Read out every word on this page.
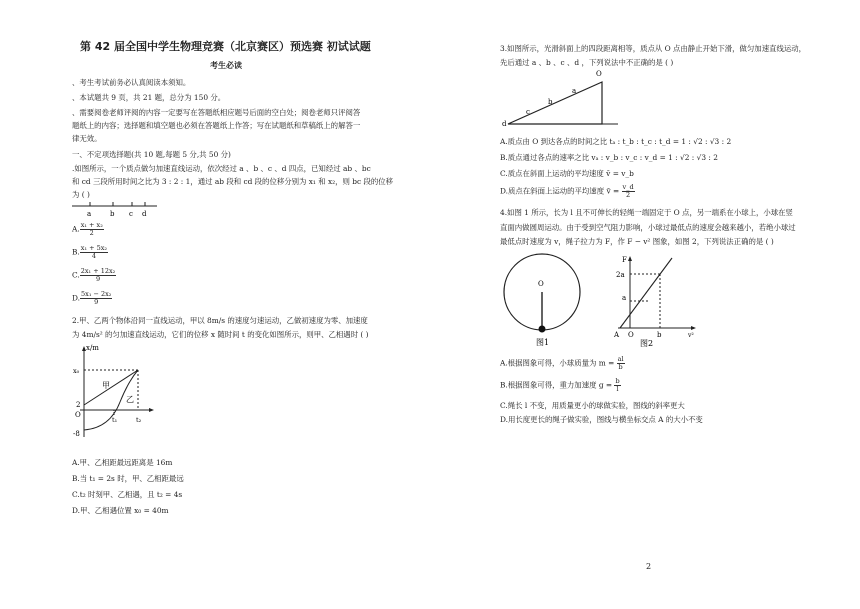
第 42 届全国中学生物理竞赛（北京赛区）预选赛 初试试题
考生必读
、考生考试前务必认真阅读本须知。
、本试题共 9 页，共 21 题，总分为 150 分。
、需要阅卷老师评阅的内容一定要写在答题纸相应题号后面的空白处；阅卷老师只评阅答
题纸上的内容；选择题和填空题也必须在答题纸上作答；写在试题纸和草稿纸上的解答一
律无效。
一、不定项选择题(共 10 题,每题 5 分,共 50 分)
.如图所示，一个质点做匀加速直线运动，依次经过 a 、b 、c 、d 四点，已知经过 ab 、bc
和 cd 三段所用时间之比为 3 : 2 : 1，通过 ab 段和 cd 段的位移分别为 x₁ 和 x₂，则 bc 段的位移
为 ( )
a	b c d
A. $\frac{\text{x₁ + x₂}}{2}$
B. $\frac{\text{x₁ + 5x₂}}{4}$
C. $\frac{\text{2x₁ + 12x₂}}{9}$
D. $\frac{\text{5x₁ − 2x₂}}{9}$
2.甲、乙两个物体沿同一直线运动，甲以 8m/s 的速度匀速运动，乙做初速度为零、加速度
为 4m/s² 的匀加速直线运动，它们的位移 x 随时间 t 的变化如图所示，则甲、乙相遇时 ( )
x/m
x₀
2
O
-8
甲
乙
t₁	t₂
A.甲、乙相距最远距离是 16m
B.当 t₁ = 2s 时，甲、乙相距最远
C.t₂ 时刻甲、乙相遇，且 t₂ = 4s
D.甲、乙相遇位置 x₀ = 40m
3.如图所示，光滑斜面上的四段距离相等，质点从 O 点由静止开始下滑，做匀加速直线运动，
先后通过 a 、b 、c 、d ，下列说法中不正确的是 ( )
O
a
b
c
d
A.质点由 O 到达各点的时间之比 tₐ : t_b : t_c : t_d = 1 : √2 : √3 : 2
B.质点通过各点的速率之比 vₐ : v_b : v_c : v_d = 1 : √2 : √3 : 2
C.质点在斜面上运动的平均速度 v̄ = v_b
D.质点在斜面上运动的平均速度 v̄ = $\frac{v\_d}{2}$
4.如图 1 所示，长为 l 且不可伸长的轻绳一端固定于 O 点，另一端系在小球上，小球在竖
直面内做圆周运动。由于受到空气阻力影响，小球过最低点的速度会越来越小，若绝小球过
最低点时速度为 v，绳子拉力为 F，作 F − v² 图象，如图 2，下列说法正确的是 ( )
O
图1
F
2a
a
A O	b	v²
图2
A.根据图象可得，小球质量为 $m = \frac{al}{b}$
B.根据图象可得，重力加速度 $g = \frac{b}{l}$
C.绳长 l 不变，用质量更小的球做实验，图线的斜率更大
D.用长度更长的绳子做实验，图线与横坐标交点 A 的大小不变
2
